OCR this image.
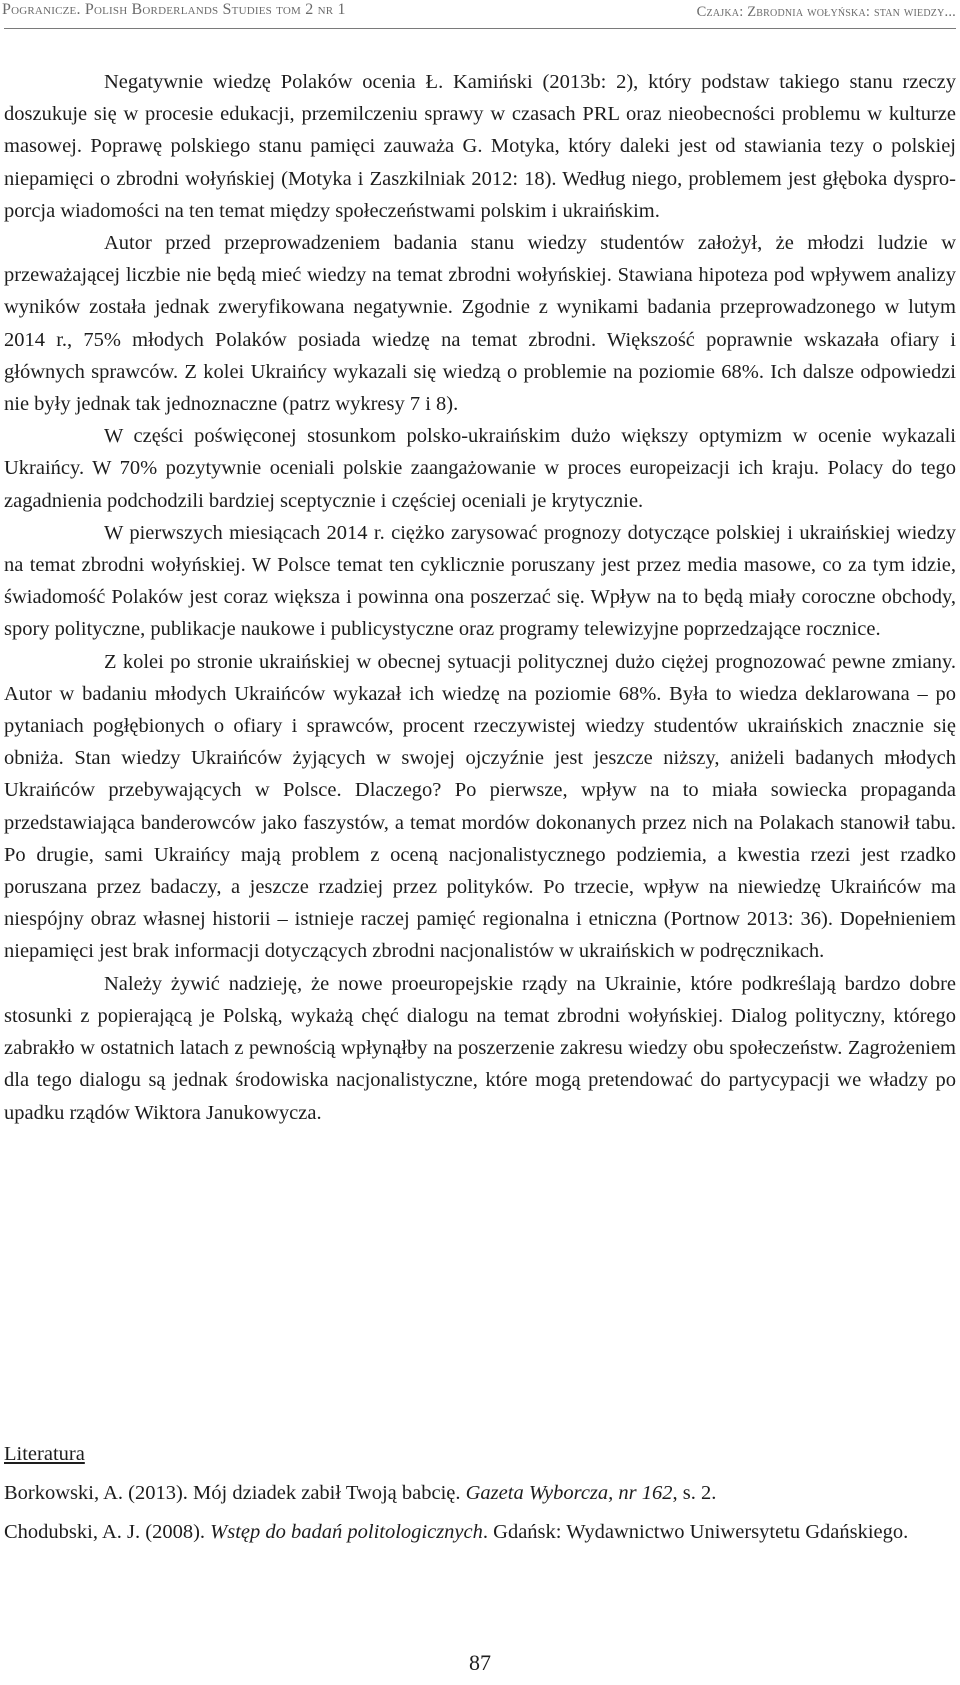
Pogranicze. Polish Borderlands Studies tom 2 nr 1	Czajka: Zbrodnia wołyńska: stan wiedzy...

Negatywnie wiedzę Polaków ocenia Ł. Kamiński (2013b: 2), który podstaw takiego stanu rzeczy doszukuje się w procesie edukacji, przemilczeniu sprawy w czasach PRL oraz nieobecności problemu w kulturze masowej. Poprawę polskiego stanu pamięci zauważa G. Motyka, który daleki jest od stawiania tezy o polskiej niepamięci o zbrodni wołyńskiej (Motyka i Zaszkilniak 2012: 18). Według niego, problemem jest głęboka dysproporcja wiadomości na ten temat między społeczeństwami polskim i ukraińskim.

Autor przed przeprowadzeniem badania stanu wiedzy studentów założył, że młodzi ludzie w przeważającej liczbie nie będą mieć wiedzy na temat zbrodni wołyńskiej. Stawiana hipoteza pod wpływem analizy wyników została jednak zweryfikowana negatywnie. Zgodnie z wynikami badania przeprowadzonego w lutym 2014 r., 75% młodych Polaków posiada wiedzę na temat zbrodni. Większość poprawnie wskazała ofiary i głównych sprawców. Z kolei Ukraińcy wykazali się wiedzą o problemie na poziomie 68%. Ich dalsze odpowiedzi nie były jednak tak jednoznaczne (patrz wykresy 7 i 8).

W części poświęconej stosunkom polsko-ukraińskim dużo większy optymizm w ocenie wykazali Ukraińcy. W 70% pozytywnie oceniali polskie zaangażowanie w proces europeizacji ich kraju. Polacy do tego zagadnienia podchodzili bardziej sceptycznie i częściej oceniali je krytycznie.

W pierwszych miesiącach 2014 r. ciężko zarysować prognozy dotyczące polskiej i ukraińskiej wiedzy na temat zbrodni wołyńskiej. W Polsce temat ten cyklicznie poruszany jest przez media masowe, co za tym idzie, świadomość Polaków jest coraz większa i powinna ona poszerzać się. Wpływ na to będą miały coroczne obchody, spory polityczne, publikacje naukowe i publicystyczne oraz programy telewizyjne poprzedzające rocznice.

Z kolei po stronie ukraińskiej w obecnej sytuacji politycznej dużo ciężej prognozować pewne zmiany. Autor w badaniu młodych Ukraińców wykazał ich wiedzę na poziomie 68%. Była to wiedza deklarowana – po pytaniach pogłębionych o ofiary i sprawców, procent rzeczywistej wiedzy studentów ukraińskich znacznie się obniża. Stan wiedzy Ukraińców żyjących w swojej ojczyźnie jest jeszcze niższy, aniżeli badanych młodych Ukraińców przebywających w Polsce. Dlaczego? Po pierwsze, wpływ na to miała sowiecka propaganda przedstawiająca banderowców jako faszystów, a temat mordów dokonanych przez nich na Polakach stanowił tabu. Po drugie, sami Ukraińcy mają problem z oceną nacjonalistycznego podziemia, a kwestia rzezi jest rzadko poruszana przez badaczy, a jeszcze rzadziej przez polityków. Po trzecie, wpływ na niewiedzę Ukraińców ma niespójny obraz własnej historii – istnieje raczej pamięć regionalna i etniczna (Portnow 2013: 36). Dopełnieniem niepamięci jest brak informacji dotyczących zbrodni nacjonalistów w ukraińskich w podręcznikach.

Należy żywić nadzieję, że nowe proeuropejskie rządy na Ukrainie, które podkreślają bardzo dobre stosunki z popierającą je Polską, wykażą chęć dialogu na temat zbrodni wołyńskiej. Dialog polityczny, którego zabrakło w ostatnich latach z pewnością wpłynąłby na poszerzenie zakresu wiedzy obu społeczeństw. Zagrożeniem dla tego dialogu są jednak środowiska nacjonalistyczne, które mogą pretendować do partycypacji we władzy po upadku rządów Wiktora Janukowycza.

Literatura
Borkowski, A. (2013). Mój dziadek zabił Twoją babcię. Gazeta Wyborcza, nr 162, s. 2.
Chodubski, A. J. (2008). Wstęp do badań politologicznych. Gdańsk: Wydawnictwo Uniwersytetu Gdańskiego.
87
